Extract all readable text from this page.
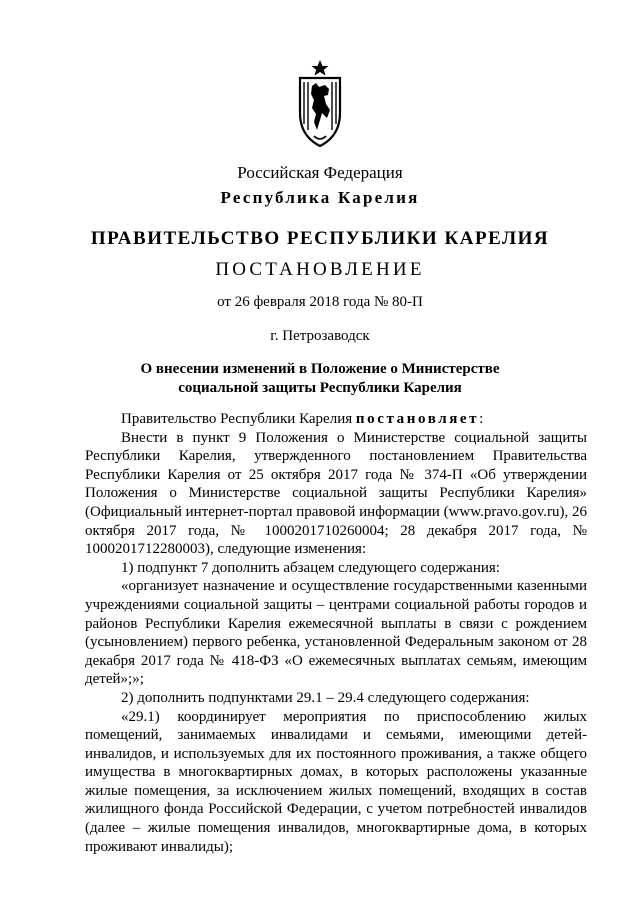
Российская Федерация

Республика Карелия

ПРАВИТЕЛЬСТВО РЕСПУБЛИКИ КАРЕЛИЯ

ПОСТАНОВЛЕНИЕ

от 26 февраля 2018 года № 80-П

г. Петрозаводск

О внесении изменений в Положение о Министерстве
социальной защиты Республики Карелия

Правительство Республики Карелия постановляет:

Внести в пункт 9 Положения о Министерстве социальной защиты Республики Карелия, утвержденного постановлением Правительства Республики Карелия от 25 октября 2017 года № 374-П «Об утверждении Положения о Министерстве социальной защиты Республики Карелия» (Официальный интернет-портал правовой информации (www.pravo.gov.ru), 26 октября 2017 года, № 1000201710260004; 28 декабря 2017 года, № 1000201712280003), следующие изменения:

1) подпункт 7 дополнить абзацем следующего содержания:

«организует назначение и осуществление государственными казенными учреждениями социальной защиты – центрами социальной работы городов и районов Республики Карелия ежемесячной выплаты в связи с рождением (усыновлением) первого ребенка, установленной Федеральным законом от 28 декабря 2017 года № 418-ФЗ «О ежемесячных выплатах семьям, имеющим детей»;»;

2) дополнить подпунктами 29.1 – 29.4 следующего содержания:

«29.1) координирует мероприятия по приспособлению жилых помещений, занимаемых инвалидами и семьями, имеющими детей-инвалидов, и используемых для их постоянного проживания, а также общего имущества в многоквартирных домах, в которых расположены указанные жилые помещения, за исключением жилых помещений, входящих в состав жилищного фонда Российской Федерации, с учетом потребностей инвалидов (далее – жилые помещения инвалидов, многоквартирные дома, в которых проживают инвалиды);
